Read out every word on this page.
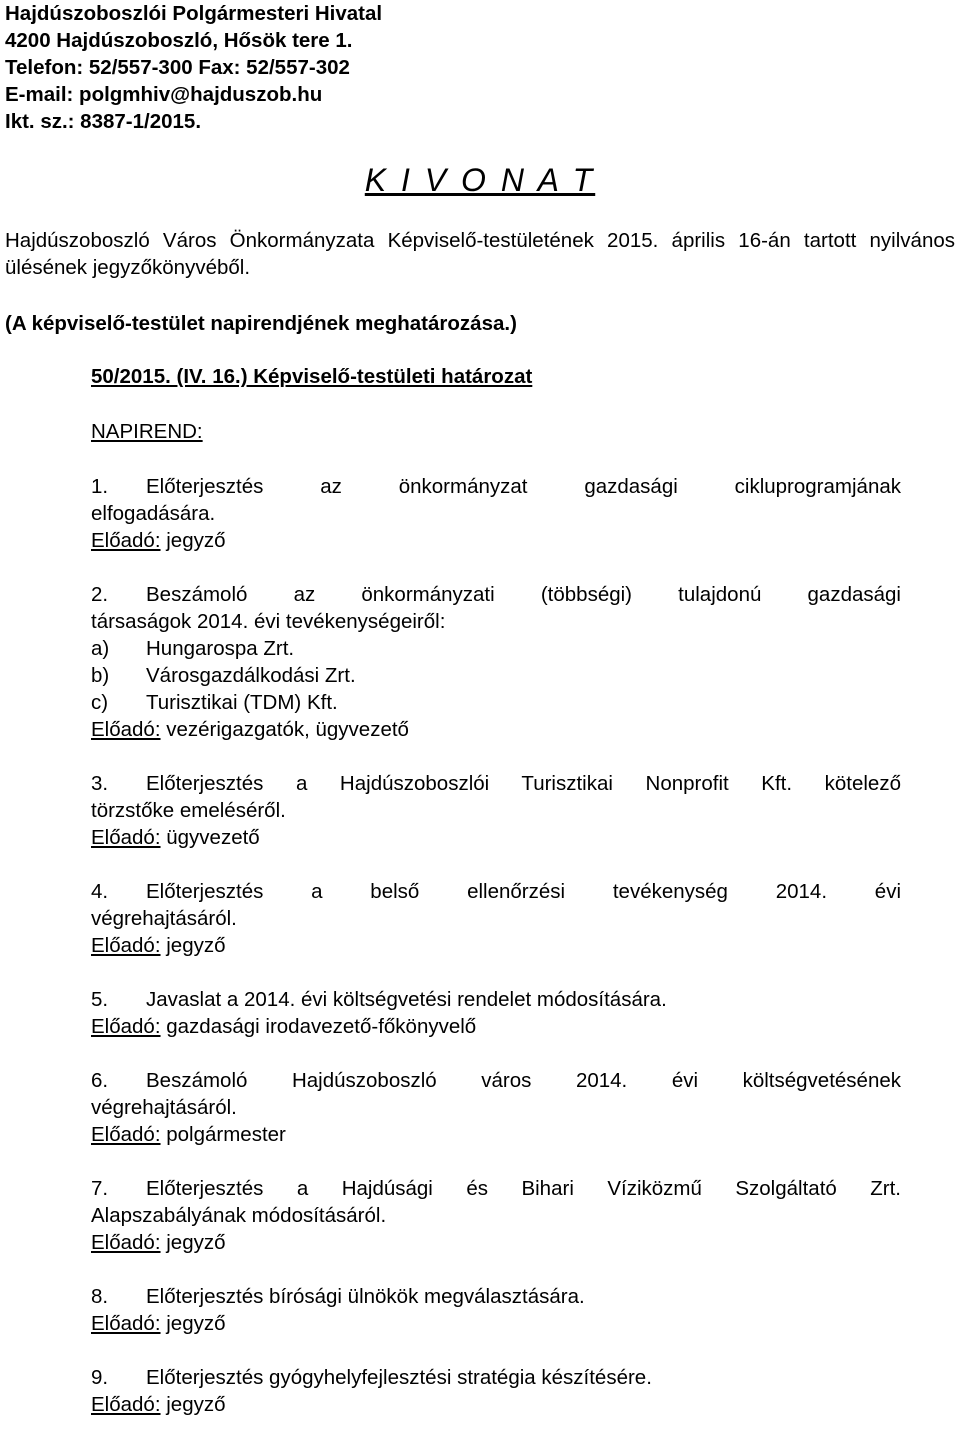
Hajdúszoboszlói Polgármesteri Hivatal
4200 Hajdúszoboszló, Hősök tere 1.
Telefon: 52/557-300 Fax: 52/557-302
E-mail: polgmhiv@hajduszob.hu
Ikt. sz.: 8387-1/2015.
K I V O N A T
Hajdúszoboszló Város Önkormányzata Képviselő-testületének 2015. április 16-án tartott nyilvános ülésének jegyzőkönyvéből.
(A képviselő-testület napirendjének meghatározása.)
50/2015. (IV. 16.) Képviselő-testületi határozat
NAPIREND:
1.	Előterjesztés az önkormányzat gazdasági cikluprogramjának
elfogadására.
Előadó: jegyző
2.	Beszámoló az önkormányzati (többségi) tulajdonú gazdasági
társaságok 2014. évi tevékenységeiről:
a)	Hungarospa Zrt.
b)	Városgazdálkodási Zrt.
c)	Turisztikai (TDM) Kft.
Előadó: vezérigazgatók, ügyvezető
3.	Előterjesztés a Hajdúszoboszlói Turisztikai Nonprofit Kft. kötelező
törzstőke emeléséről.
Előadó: ügyvezető
4.	Előterjesztés a belső ellenőrzési tevékenység 2014. évi
végrehajtásáról.
Előadó: jegyző
5.	Javaslat a 2014. évi költségvetési rendelet módosítására.
Előadó: gazdasági irodavezető-főkönyvelő
6.	Beszámoló Hajdúszoboszló város 2014. évi költségvetésének
végrehajtásáról.
Előadó: polgármester
7.	Előterjesztés a Hajdúsági és Bihari Víziközmű Szolgáltató Zrt.
Alapszabályának módosításáról.
Előadó: jegyző
8.	Előterjesztés bírósági ülnökök megválasztására.
Előadó: jegyző
9.	Előterjesztés gyógyhelyfejlesztési stratégia készítésére.
Előadó: jegyző
